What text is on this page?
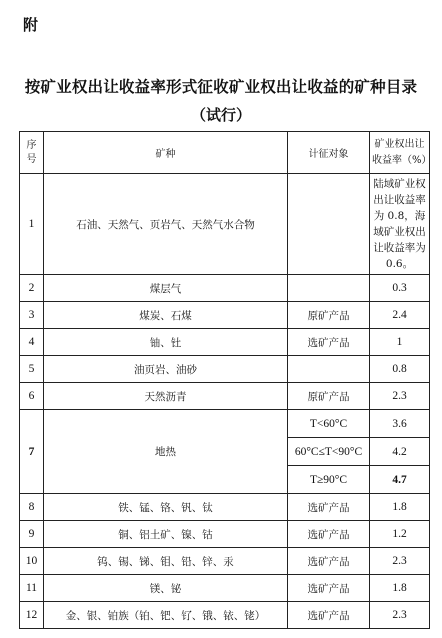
附
按矿业权出让收益率形式征收矿业权出让收益的矿种目录
（试行）
序号	矿种	计征对象	矿业权出让收益率（%）
1	石油、天然气、页岩气、天然气水合物		陆域矿业权出让收益率为 0.8，海域矿业权出让收益率为 0.6。
2	煤层气		0.3
3	煤炭、石煤	原矿产品	2.4
4	铀、钍	选矿产品	1
5	油页岩、油砂		0.8
6	天然沥青	原矿产品	2.3
7	地热	T<60°C	3.6
		60°C≤T<90°C	4.2
		T≥90°C	4.7
8	铁、锰、铬、钒、钛	选矿产品	1.8
9	铜、铝土矿、镍、钴	选矿产品	1.2
10	钨、锡、锑、钼、铅、锌、汞	选矿产品	2.3
11	镁、铋	选矿产品	1.8
12	金、银、铂族（铂、钯、钌、锇、铱、铑）	选矿产品	2.3
